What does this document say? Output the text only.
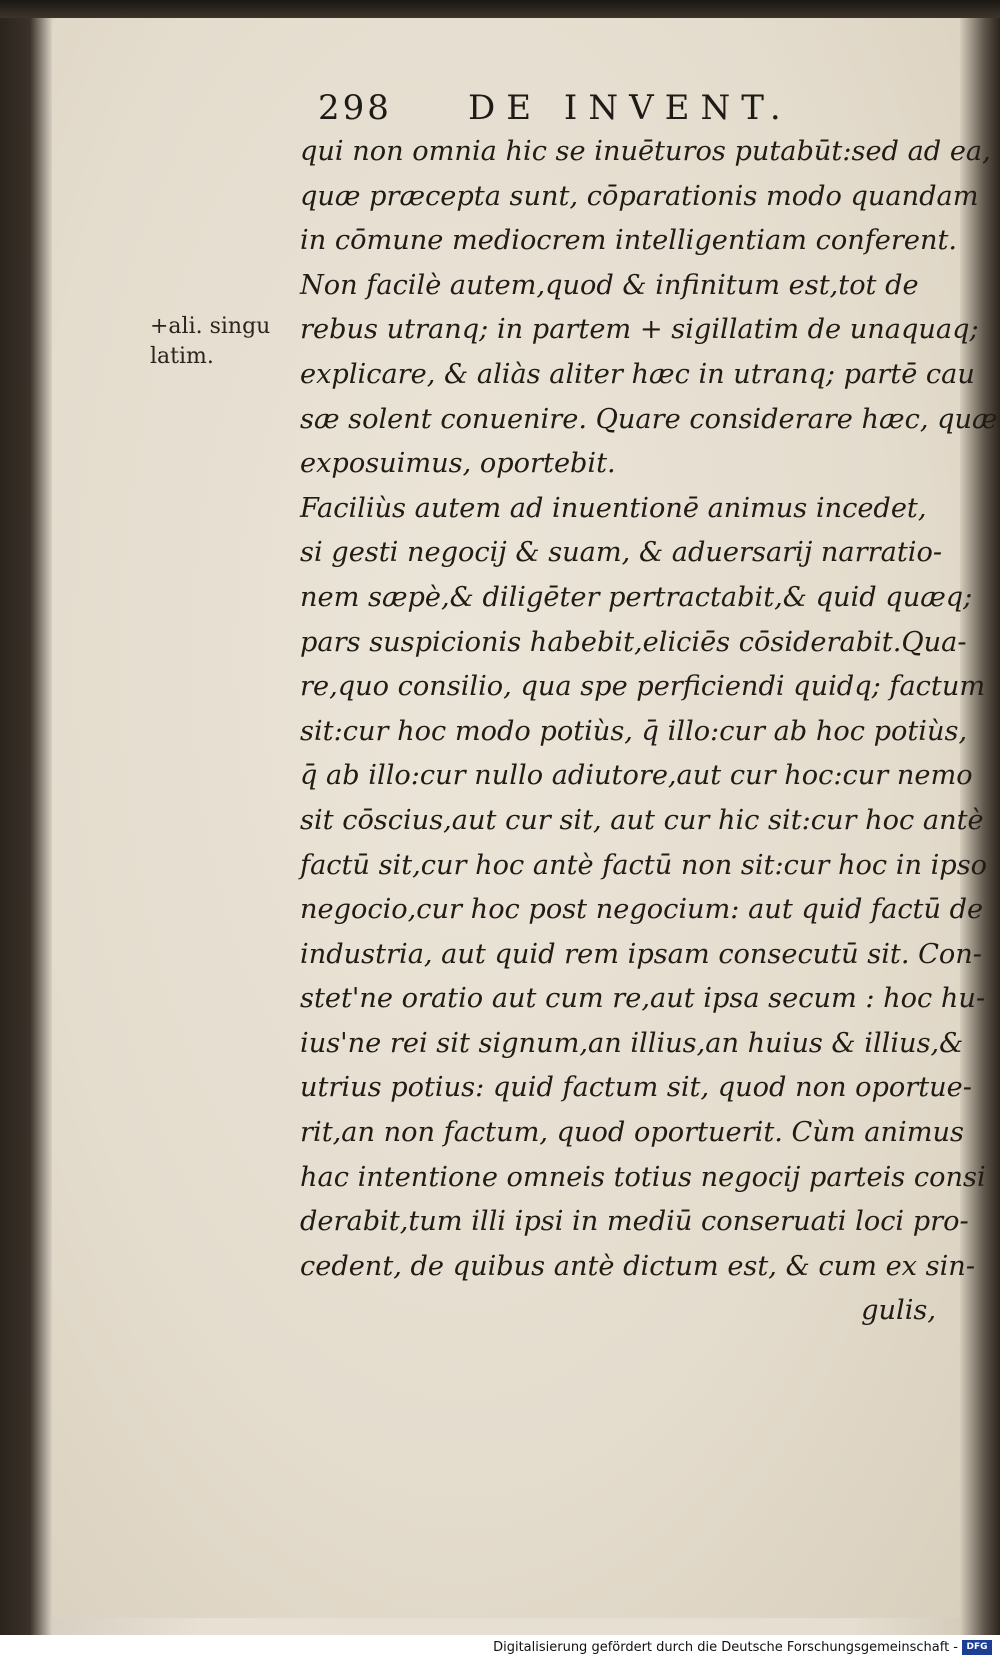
298 DE INVENT.
+ali. singu
latim.
qui non omnia hic se inuēturos putabūt:sed ad ea,
quæ præcepta sunt, cōparationis modo quandam
in cōmune mediocrem intelligentiam conferent.
Non facilè autem,quod & infinitum est,tot de
rebus utranq; in partem + sigillatim de unaquaq;
explicare, & aliàs aliter hæc in utranq; partē cau
sæ solent conuenire. Quare considerare hæc, quæ
exposuimus, oportebit.
Faciliùs autem ad inuentionē animus incedet,
si gesti negocij & suam, & aduersarij narratio-
nem sæpè,& diligēter pertractabit,& quid quæq;
pars suspicionis habebit,eliciēs cōsiderabit.Qua-
re,quo consilio, qua spe perficiendi quidq; factum
sit:cur hoc modo potiùs, q̄ illo:cur ab hoc potiùs,
q̄ ab illo:cur nullo adiutore,aut cur hoc:cur nemo
sit cōscius,aut cur sit, aut cur hic sit:cur hoc antè
factū sit,cur hoc antè factū non sit:cur hoc in ipso
negocio,cur hoc post negocium: aut quid factū de
industria, aut quid rem ipsam consecutū sit. Con-
stet'ne oratio aut cum re,aut ipsa secum : hoc hu-
ius'ne rei sit signum,an illius,an huius & illius,&
utrius potius: quid factum sit, quod non oportue-
rit,an non factum, quod oportuerit. Cùm animus
hac intentione omneis totius negocij parteis consi
derabit,tum illi ipsi in mediū conseruati loci pro-
cedent, de quibus antè dictum est, & cum ex sin-
gulis,
Digitalisierung gefördert durch die Deutsche Forschungsgemeinschaft - DFG
